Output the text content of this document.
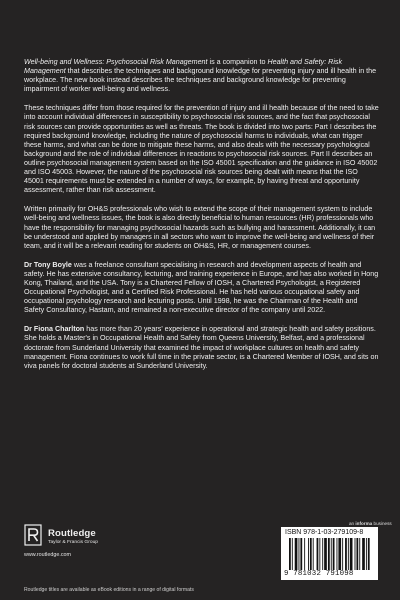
Well-being and Wellness: Psychosocial Risk Management is a companion to Health and Safety: Risk Management that describes the techniques and background knowledge for preventing injury and ill health in the workplace. The new book instead describes the techniques and background knowledge for preventing impairment of worker well-being and wellness.

These techniques differ from those required for the prevention of injury and ill health because of the need to take into account individual differences in susceptibility to psychosocial risk sources, and the fact that psychosocial risk sources can provide opportunities as well as threats. The book is divided into two parts: Part I describes the required background knowledge, including the nature of psychosocial harms to individuals, what can trigger these harms, and what can be done to mitigate these harms, and also deals with the necessary psychological background and the role of individual differences in reactions to psychosocial risk sources. Part II describes an outline psychosocial management system based on the ISO 45001 specification and the guidance in ISO 45002 and ISO 45003. However, the nature of the psychosocial risk sources being dealt with means that the ISO 45001 requirements must be extended in a number of ways, for example, by having threat and opportunity assessment, rather than risk assessment.

Written primarily for OH&S professionals who wish to extend the scope of their management system to include well-being and wellness issues, the book is also directly beneficial to human resources (HR) professionals who have the responsibility for managing psychosocial hazards such as bullying and harassment. Additionally, it can be understood and applied by managers in all sectors who want to improve the well-being and wellness of their team, and it will be a relevant reading for students on OH&S, HR, or management courses.

Dr Tony Boyle was a freelance consultant specialising in research and development aspects of health and safety. He has extensive consultancy, lecturing, and training experience in Europe, and has also worked in Hong Kong, Thailand, and the USA. Tony is a Chartered Fellow of IOSH, a Chartered Psychologist, a Registered Occupational Psychologist, and a Certified Risk Professional. He has held various occupational safety and occupational psychology research and lecturing posts. Until 1998, he was the Chairman of the Health and Safety Consultancy, Hastam, and remained a non-executive director of the company until 2022.

Dr Fiona Charlton has more than 20 years' experience in operational and strategic health and safety positions. She holds a Master's in Occupational Health and Safety from Queens University, Belfast, and a professional doctorate from Sunderland University that examined the impact of workplace cultures on health and safety management. Fiona continues to work full time in the private sector, is a Chartered Member of IOSH, and sits on viva panels for doctoral students at Sunderland University.

an informa business
Routledge
Taylor & Francis Group
www.routledge.com
ISBN 978-1-03-279109-8
9 781032 791098
Routledge titles are available as eBook editions in a range of digital formats
